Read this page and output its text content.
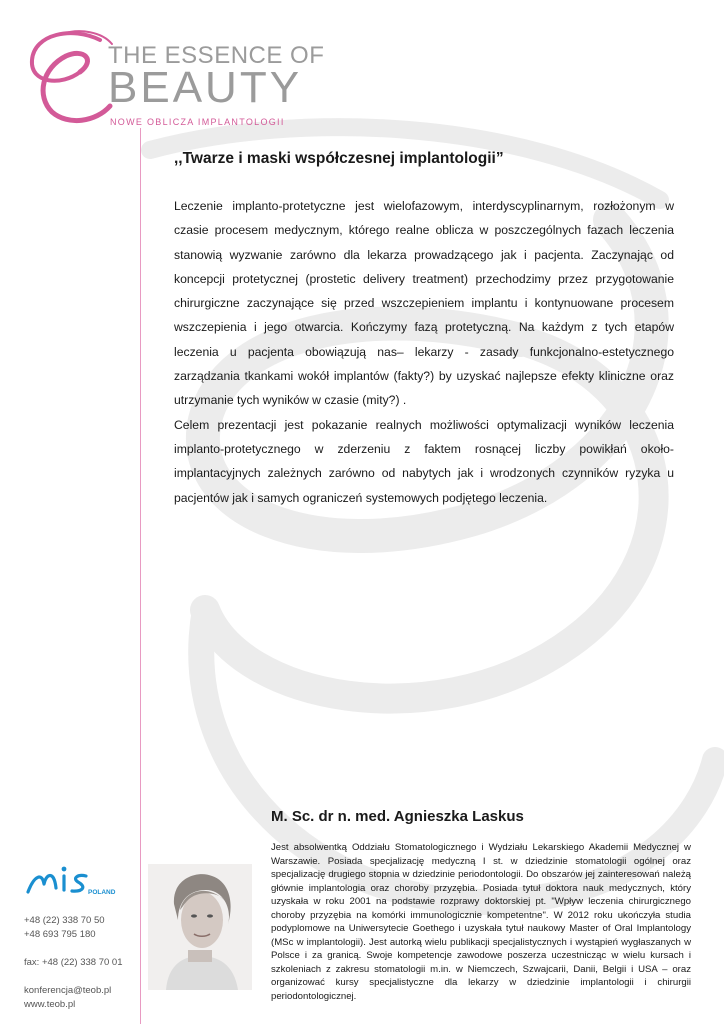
THE ESSENCE OF
BEAUTY
NOWE OBLICZA IMPLANTOLOGII
,,Twarze i maski współczesnej implantologii”

Leczenie implanto-protetyczne jest wielofazowym, interdyscyplinarnym, rozłożonym w czasie procesem medycznym, którego realne oblicza w poszczególnych fazach leczenia stanowią wyzwanie zarówno dla lekarza prowadzącego jak i pacjenta. Zaczynając od koncepcji protetycznej (prostetic delivery treatment) przechodzimy przez przygotowanie chirurgiczne zaczynające się przed wszczepieniem implantu i kontynuowane procesem wszczepienia i jego otwarcia. Kończymy fazą protetyczną. Na każdym z tych etapów leczenia u pacjenta obowiązują nas– lekarzy - zasady funkcjonalno-estetycznego zarządzania tkankami wokół implantów (fakty?) by uzyskać najlepsze efekty kliniczne oraz utrzymanie tych wyników w czasie (mity?) .

Celem prezentacji jest pokazanie realnych możliwości optymalizacji wyników leczenia implanto-protetycznego w zderzeniu z faktem rosnącej liczby powikłań około-implantacyjnych zależnych zarówno od nabytych jak i wrodzonych czynników ryzyka u pacjentów jak i samych ograniczeń systemowych podjętego leczenia.

M. Sc. dr n. med. Agnieszka Laskus

Jest absolwentką Oddziału Stomatologicznego i Wydziału Lekarskiego Akademii Medycznej w Warszawie. Posiada specjalizację medyczną I st. w dziedzinie stomatologii ogólnej oraz specjalizację drugiego stopnia w dziedzinie periodontologii. Do obszarów jej zainteresowań należą głównie implantologia oraz choroby przyzębia. Posiada tytuł doktora nauk medycznych, który uzyskała w roku 2001 na podstawie rozprawy doktorskiej pt. "Wpływ leczenia chirurgicznego choroby przyzębia na komórki immunologicznie kompetentne". W 2012 roku ukończyła studia podyplomowe na Uniwersytecie Goethego i uzyskała tytuł naukowy Master of Oral Implantology (MSc w implantologii). Jest autorką wielu publikacji specjalistycznych i wystąpień wygłaszanych w Polsce i za granicą. Swoje kompetencje zawodowe poszerza uczestnicząc w wielu kursach i szkoleniach z zakresu stomatologii m.in. w Niemczech, Szwajcarii, Danii, Belgii i USA – oraz organizować kursy specjalistyczne dla lekarzy w dziedzinie implantologii i chirurgii periodontologicznej.

POLAND
+48 (22) 338 70 50
+48 693 795 180
fax: +48 (22) 338 70 01
konferencja@teob.pl
www.teob.pl
